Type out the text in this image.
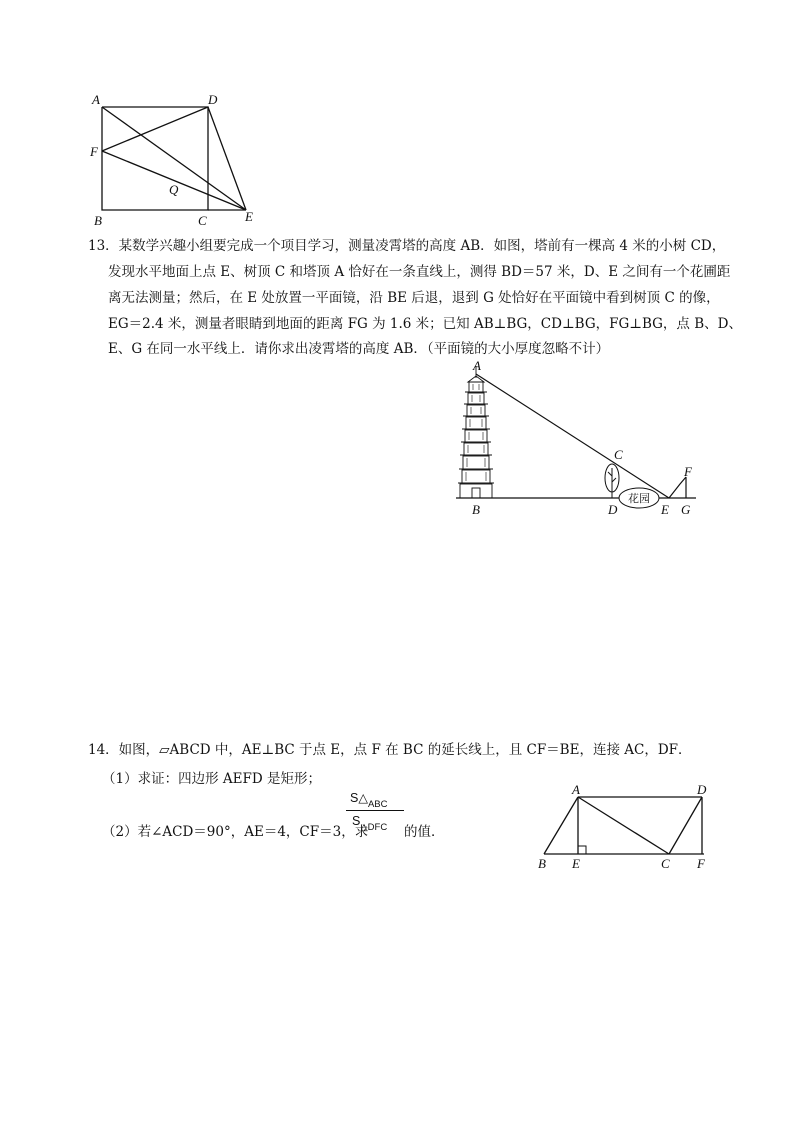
A	D
F
Q
B	C	E
13．某数学兴趣小组要完成一个项目学习，测量凌霄塔的高度 AB．如图，塔前有一棵高 4 米的小树 CD，
发现水平地面上点 E、树顶 C 和塔顶 A 恰好在一条直线上，测得 BD＝57 米，D、E 之间有一个花圃距
离无法测量；然后，在 E 处放置一平面镜，沿 BE 后退，退到 G 处恰好在平面镜中看到树顶 C 的像，
EG＝2.4 米，测量者眼睛到地面的距离 FG 为 1.6 米；已知 AB⊥BG，CD⊥BG，FG⊥BG，点 B、D、
E、G 在同一水平线上．请你求出凌霄塔的高度 AB．（平面镜的大小厚度忽略不计）
花园
A
C
F
B	D	E G
14．如图，▱ABCD 中，AE⊥BC 于点 E，点 F 在 BC 的延长线上，且 CF＝BE，连接 AC，DF．
（1）求证：四边形 AEFD 是矩形；
（2）若∠ACD＝90°，AE＝4，CF＝3，求
$S\triangle_{ABC}$
$S_{\triangle DFC}$ 的值．
A	D
B E	C F
